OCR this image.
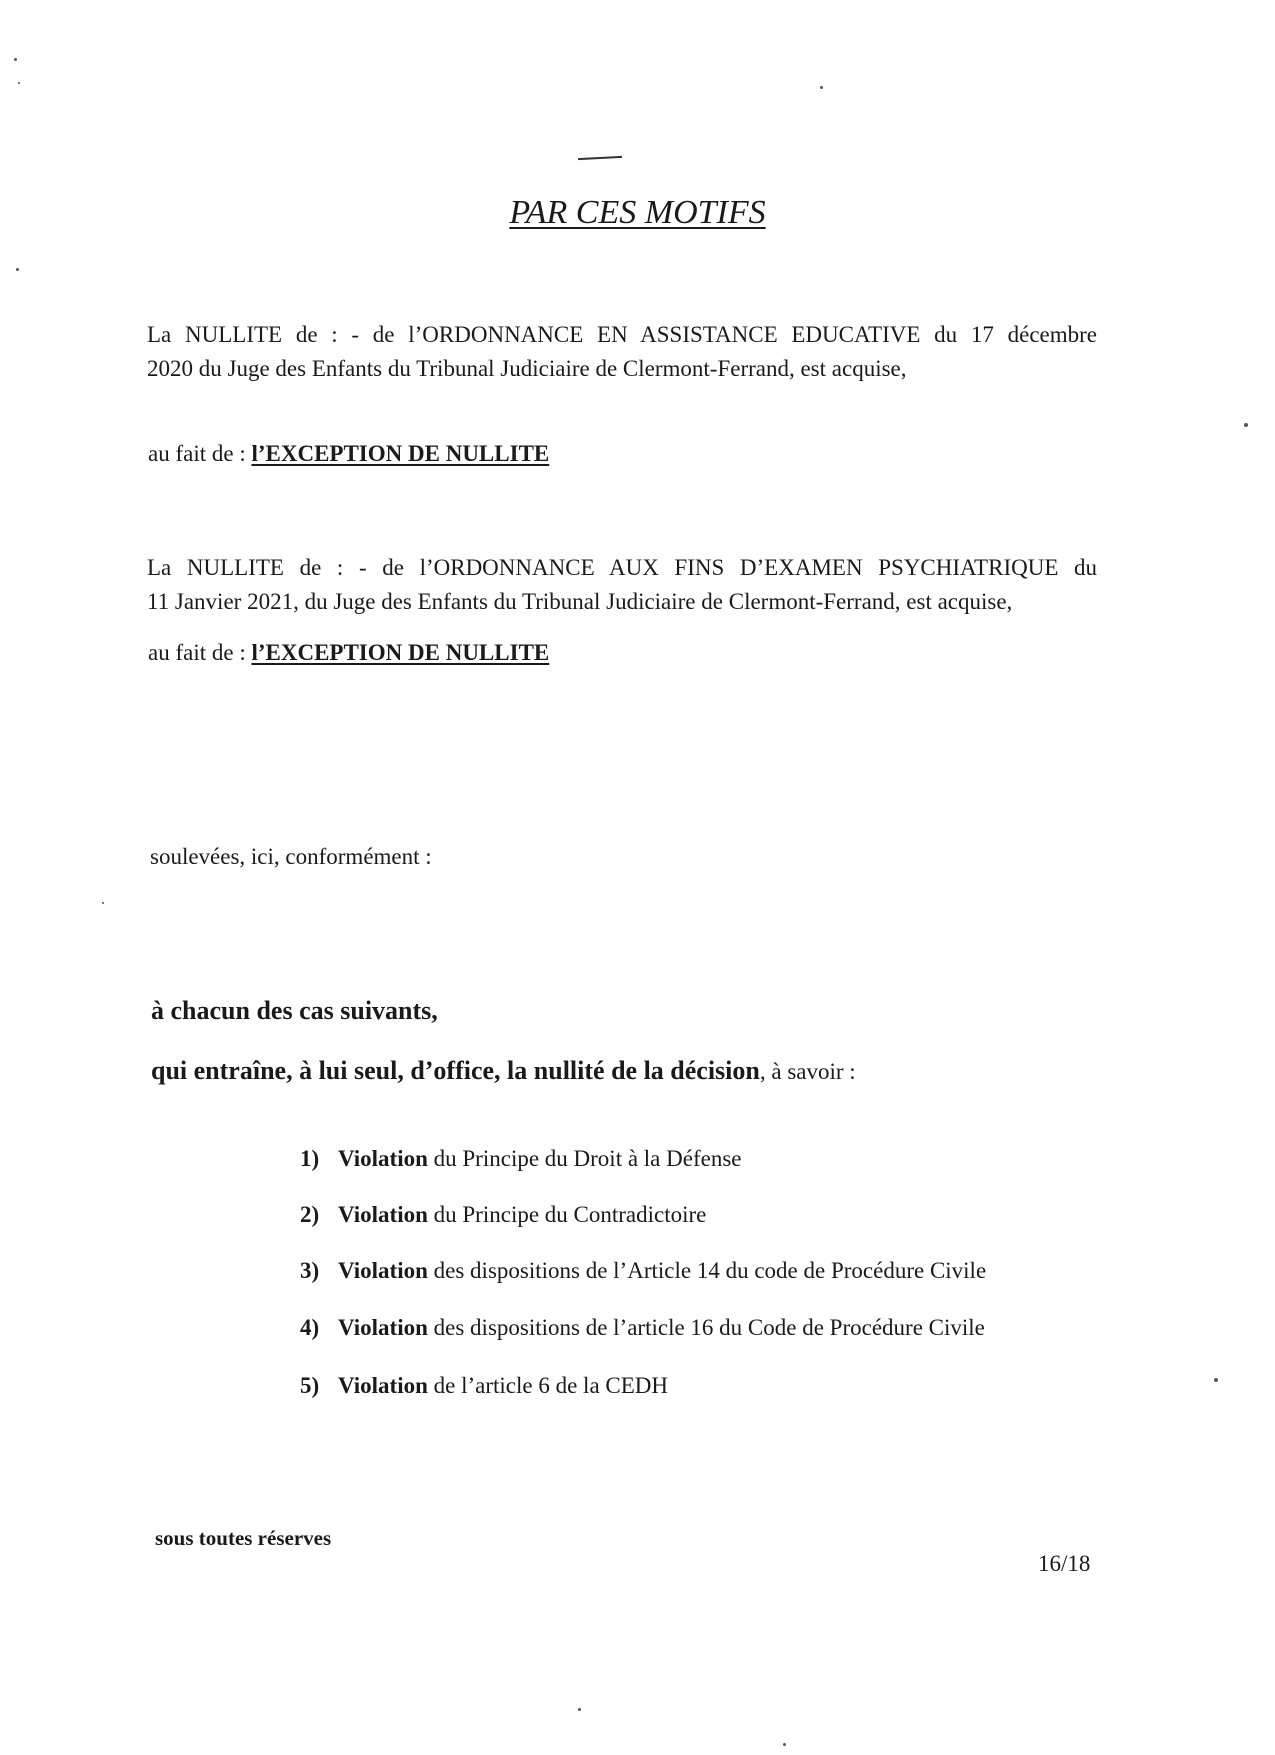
PAR CES MOTIFS
La NULLITE de : - de l’ORDONNANCE EN ASSISTANCE EDUCATIVE du 17 décembre
2020 du Juge des Enfants du Tribunal Judiciaire de Clermont-Ferrand, est acquise,
au fait de : l’EXCEPTION DE NULLITE
La NULLITE de : - de l’ORDONNANCE AUX FINS D’EXAMEN PSYCHIATRIQUE du
11 Janvier 2021, du Juge des Enfants du Tribunal Judiciaire de Clermont-Ferrand, est acquise,
au fait de : l’EXCEPTION DE NULLITE
soulevées, ici, conformément :
à chacun des cas suivants,
qui entraîne, à lui seul, d’office, la nullité de la décision, à savoir :
1) Violation du Principe du Droit à la Défense
2) Violation du Principe du Contradictoire
3) Violation des dispositions de l’Article 14 du code de Procédure Civile
4) Violation des dispositions de l’article 16 du Code de Procédure Civile
5) Violation de l’article 6 de la CEDH
sous toutes réserves
16/18
